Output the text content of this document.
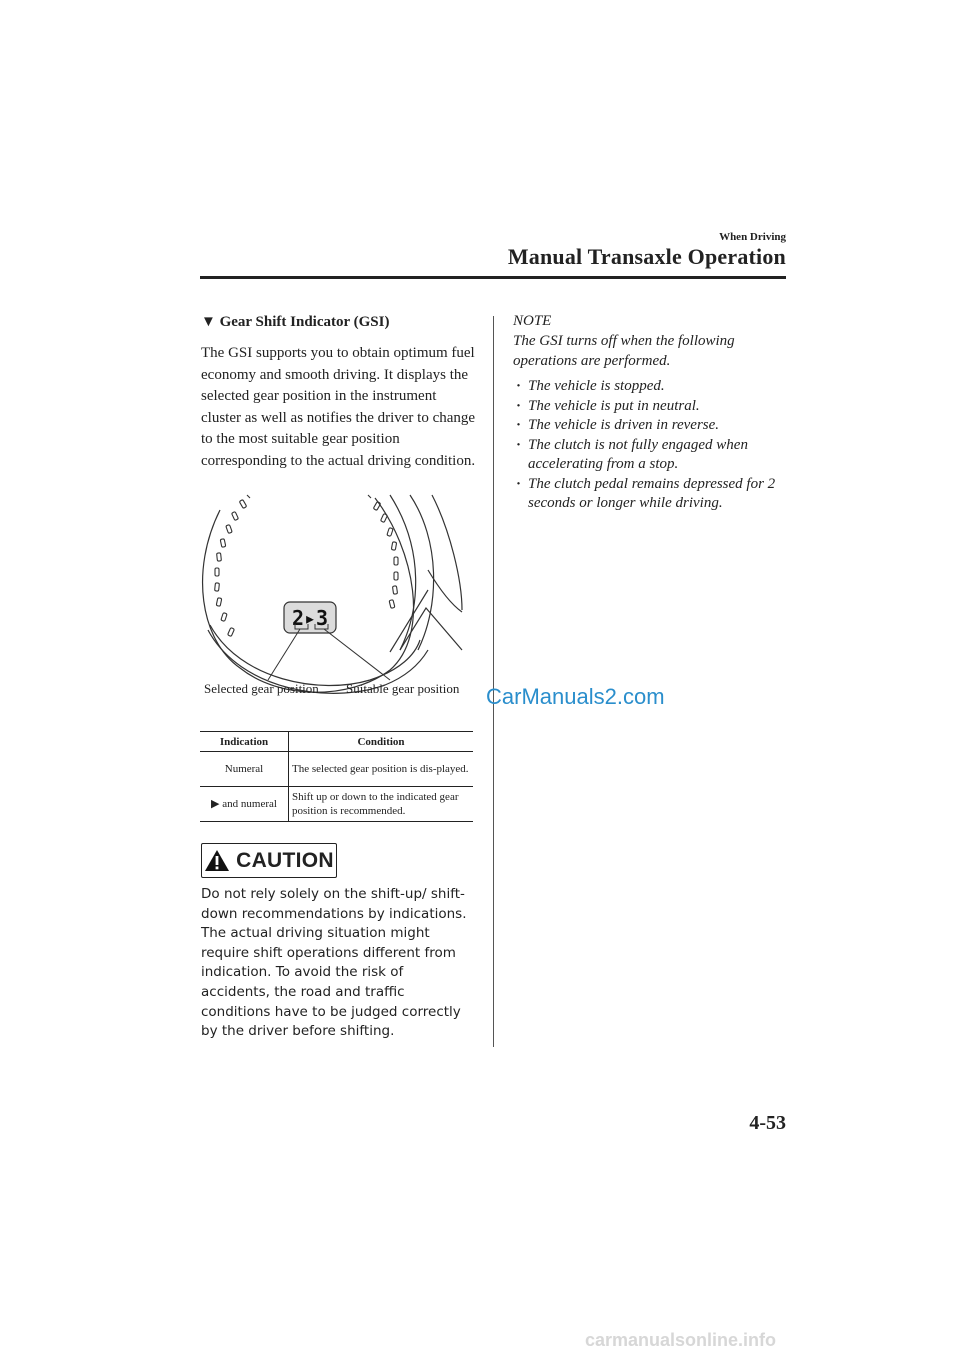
When Driving
Manual Transaxle Operation
▼ Gear Shift Indicator (GSI)
The GSI supports you to obtain optimum fuel economy and smooth driving. It displays the selected gear position in the instrument cluster as well as notifies the driver to change to the most suitable gear position corresponding to the actual driving condition.
2▸3
Selected gear position Suitable gear position
Indication	Condition
Numeral	The selected gear position is dis-played.
▶ and numeral	Shift up or down to the indicated gear position is recommended.
CAUTION
Do not rely solely on the shift-up/ shift-down recommendations by indications. The actual driving situation might require shift operations different from indication. To avoid the risk of accidents, the road and traffic conditions have to be judged correctly by the driver before shifting.
NOTE
The GSI turns off when the following operations are performed.
· The vehicle is stopped.
· The vehicle is put in neutral.
· The vehicle is driven in reverse.
· The clutch is not fully engaged when accelerating from a stop.
· The clutch pedal remains depressed for 2 seconds or longer while driving.
CarManuals2.com
4-53
carmanualsonline.info
